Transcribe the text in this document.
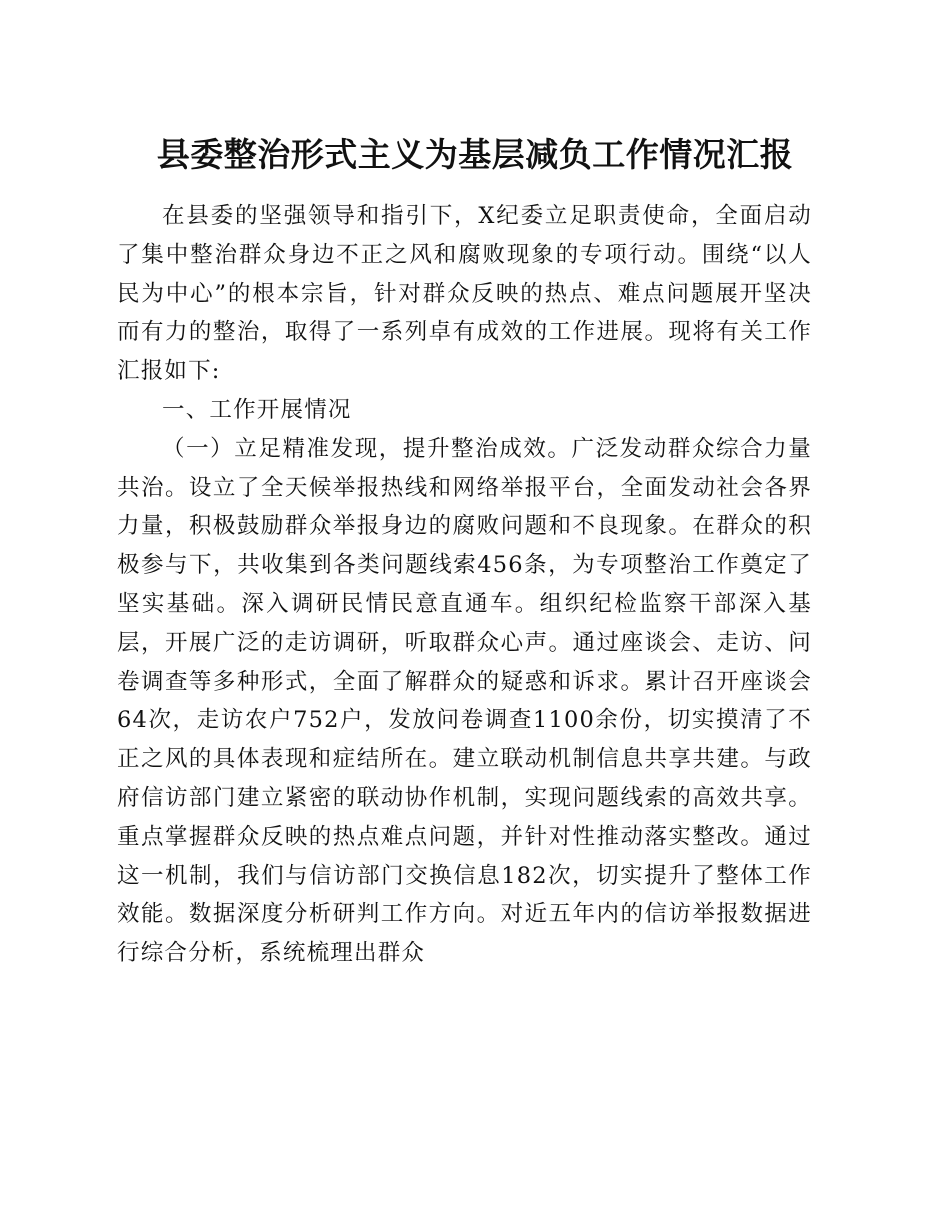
县委整治形式主义为基层减负工作情况汇报

在县委的坚强领导和指引下，X纪委立足职责使命，全面启动了集中整治群众身边不正之风和腐败现象的专项行动。围绕“以人民为中心”的根本宗旨，针对群众反映的热点、难点问题展开坚决而有力的整治，取得了一系列卓有成效的工作进展。现将有关工作汇报如下:

一、工作开展情况

（一）立足精准发现，提升整治成效。广泛发动群众综合力量共治。设立了全天候举报热线和网络举报平台，全面发动社会各界力量，积极鼓励群众举报身边的腐败问题和不良现象。在群众的积极参与下，共收集到各类问题线索456条，为专项整治工作奠定了坚实基础。深入调研民情民意直通车。组织纪检监察干部深入基层，开展广泛的走访调研，听取群众心声。通过座谈会、走访、问卷调查等多种形式，全面了解群众的疑惑和诉求。累计召开座谈会64次，走访农户752户，发放问卷调查1100余份，切实摸清了不正之风的具体表现和症结所在。建立联动机制信息共享共建。与政府信访部门建立紧密的联动协作机制，实现问题线索的高效共享。重点掌握群众反映的热点难点问题，并针对性推动落实整改。通过这一机制，我们与信访部门交换信息182次，切实提升了整体工作效能。数据深度分析研判工作方向。对近五年内的信访举报数据进行综合分析，系统梳理出群众
